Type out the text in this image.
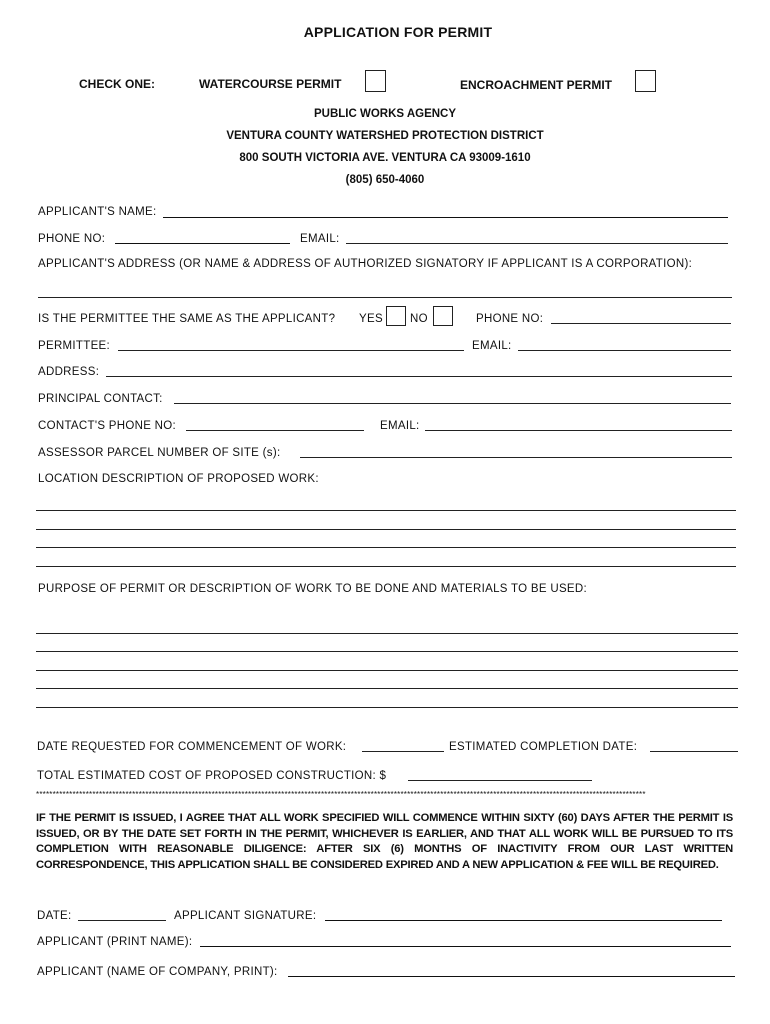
APPLICATION FOR PERMIT
CHECK ONE:	WATERCOURSE PERMIT	ENCROACHMENT PERMIT
PUBLIC WORKS AGENCY
VENTURA COUNTY WATERSHED PROTECTION DISTRICT
800 SOUTH VICTORIA AVE. VENTURA CA 93009-1610
(805) 650-4060
APPLICANT'S NAME:
PHONE NO:	EMAIL:
APPLICANT'S ADDRESS (OR NAME & ADDRESS OF AUTHORIZED SIGNATORY IF APPLICANT IS A CORPORATION):
IS THE PERMITTEE THE SAME AS THE APPLICANT? YES NO	PHONE NO:
PERMITTEE:	EMAIL:
ADDRESS:
PRINCIPAL CONTACT:
CONTACT'S PHONE NO:	EMAIL:
ASSESSOR PARCEL NUMBER OF SITE (s):
LOCATION DESCRIPTION OF PROPOSED WORK:
PURPOSE OF PERMIT OR DESCRIPTION OF WORK TO BE DONE AND MATERIALS TO BE USED:
DATE REQUESTED FOR COMMENCEMENT OF WORK:	ESTIMATED COMPLETION DATE:
TOTAL ESTIMATED COST OF PROPOSED CONSTRUCTION: $
****************************************************************************************************************************************************************************************
IF THE PERMIT IS ISSUED, I AGREE THAT ALL WORK SPECIFIED WILL COMMENCE WITHIN SIXTY (60) DAYS AFTER THE PERMIT IS ISSUED, OR BY THE DATE SET FORTH IN THE PERMIT, WHICHEVER IS EARLIER, AND THAT ALL WORK WILL BE PURSUED TO ITS COMPLETION WITH REASONABLE DILIGENCE: AFTER SIX (6) MONTHS OF INACTIVITY FROM OUR LAST WRITTEN CORRESPONDENCE, THIS APPLICATION SHALL BE CONSIDERED EXPIRED AND A NEW APPLICATION & FEE WILL BE REQUIRED.
DATE:	APPLICANT SIGNATURE:
APPLICANT (PRINT NAME):
APPLICANT (NAME OF COMPANY, PRINT):
